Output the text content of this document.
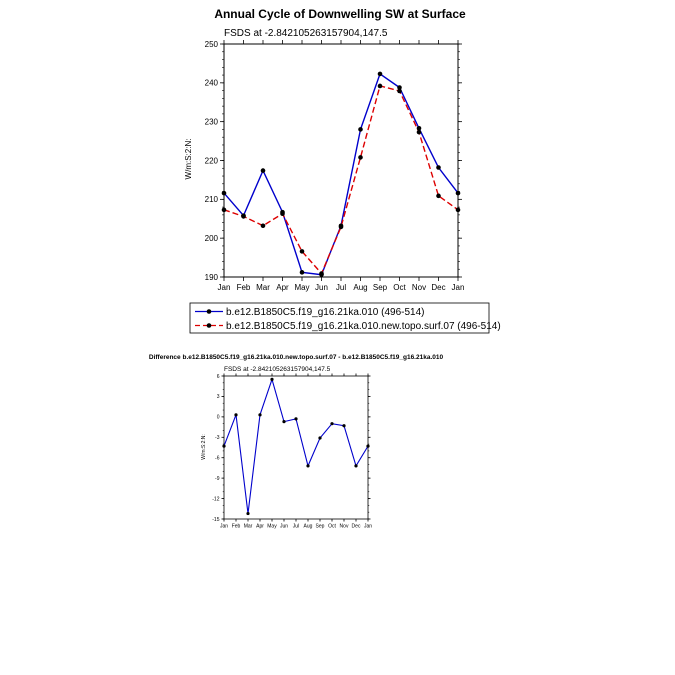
Annual Cycle of Downwelling SW at Surface
FSDS at -2.842105263157904,147.5
W/m:S:2:N:
190
200
210
220
230
240
250
Jan Feb Mar Apr May Jun Jul Aug Sep Oct Nov Dec Jan
b.e12.B1850C5.f19_g16.21ka.010 (496-514)
b.e12.B1850C5.f19_g16.21ka.010.new.topo.surf.07 (496-514)
Difference b.e12.B1850C5.f19_g16.21ka.010.new.topo.surf.07 - b.e12.B1850C5.f19_g16.21ka.010
FSDS at -2.842105263157904,147.5
W/m:S:2:N:
-15
-12
-9
-6
-3
0
3
6
Jan Feb Mar Apr May Jun Jul Aug Sep Oct Nov Dec Jan
